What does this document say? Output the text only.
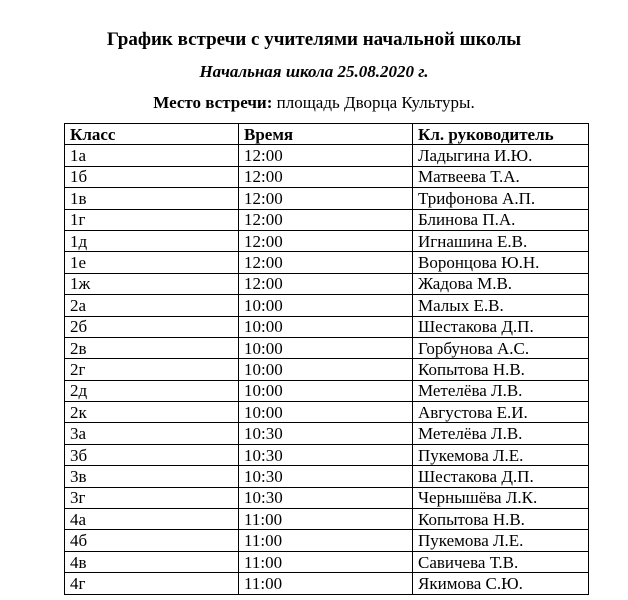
График встречи с учителями начальной школы
Начальная школа 25.08.2020 г.
Место встречи: площадь Дворца Культуры.
Класс	Время	Кл. руководитель
1а	12:00	Ладыгина И.Ю.
1б	12:00	Матвеева Т.А.
1в	12:00	Трифонова А.П.
1г	12:00	Блинова П.А.
1д	12:00	Игнашина Е.В.
1е	12:00	Воронцова Ю.Н.
1ж	12:00	Жадова М.В.
2а	10:00	Малых Е.В.
2б	10:00	Шестакова Д.П.
2в	10:00	Горбунова А.С.
2г	10:00	Копытова Н.В.
2д	10:00	Метелёва Л.В.
2к	10:00	Августова Е.И.
3а	10:30	Метелёва Л.В.
3б	10:30	Пукемова Л.Е.
3в	10:30	Шестакова Д.П.
3г	10:30	Чернышёва Л.К.
4а	11:00	Копытова Н.В.
4б	11:00	Пукемова Л.Е.
4в	11:00	Савичева Т.В.
4г	11:00	Якимова С.Ю.
